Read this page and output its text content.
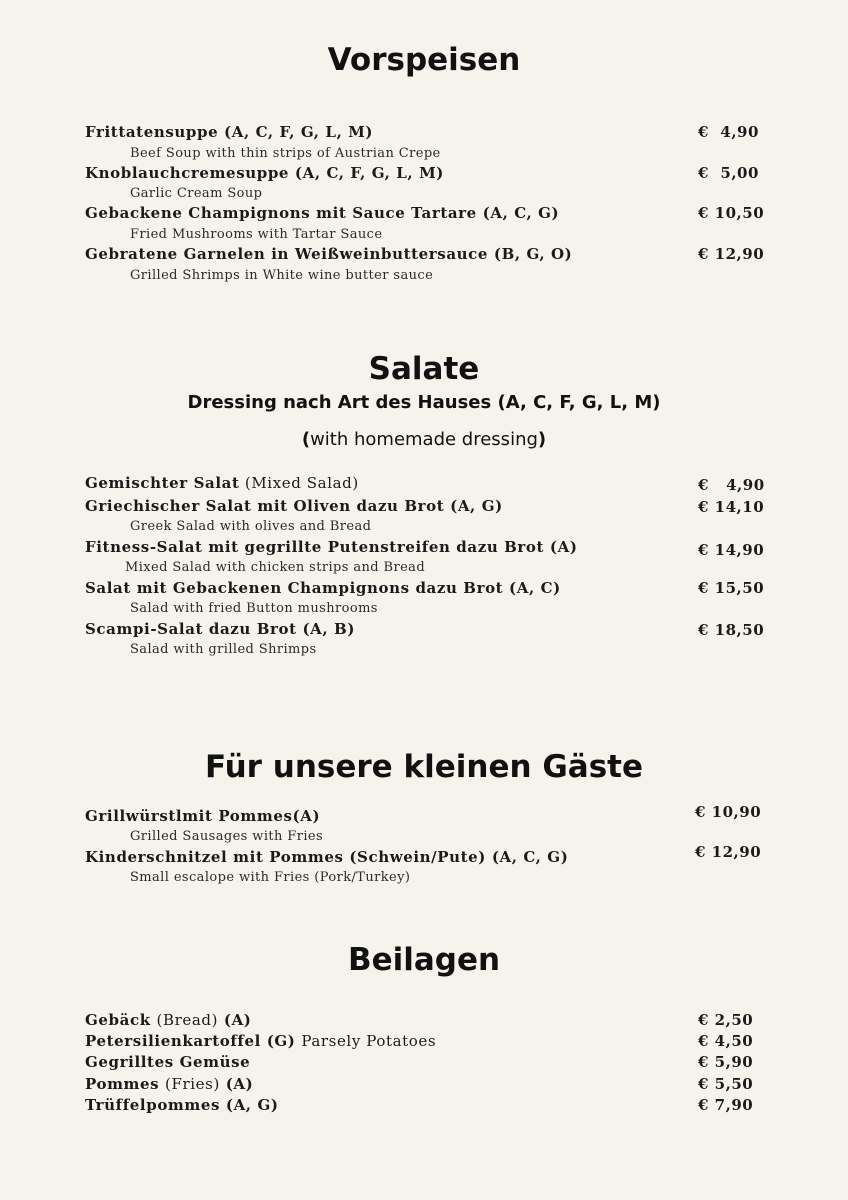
Vorspeisen
Frittatensuppe (A, C, F, G, L, M)	€  4,90
Beef Soup with thin strips of Austrian Crepe
Knoblauchcremesuppe (A, C, F, G, L, M)	€  5,00
Garlic Cream Soup
Gebackene Champignons mit Sauce Tartare (A, C, G)	€ 10,50
Fried Mushrooms with Tartar Sauce
Gebratene Garnelen in Weißweinbuttersauce (B, G, O)	€ 12,90
Grilled Shrimps in White wine butter sauce
Salate
Dressing nach Art des Hauses (A, C, F, G, L, M)
(with homemade dressing)
Gemischter Salat (Mixed Salad)	€   4,90
Griechischer Salat mit Oliven dazu Brot (A, G)	€ 14,10
Greek Salad with olives and Bread
Fitness-Salat mit gegrillte Putenstreifen dazu Brot (A)	€ 14,90
Mixed Salad with chicken strips and Bread
Salat mit Gebackenen Champignons dazu Brot (A, C)	€ 15,50
Salad with fried Button mushrooms
Scampi-Salat dazu Brot (A, B)	€ 18,50
Salad with grilled Shrimps
Für unsere kleinen Gäste
Grillwürstlmit Pommes(A)	€ 10,90
Grilled Sausages with Fries
Kinderschnitzel mit Pommes (Schwein/Pute) (A, C, G)	€ 12,90
Small escalope with Fries (Pork/Turkey)
Beilagen
Gebäck (Bread) (A)	€ 2,50
Petersilienkartoffel (G) Parsely Potatoes	€ 4,50
Gegrilltes Gemüse	€ 5,90
Pommes (Fries) (A)	€ 5,50
Trüffelpommes (A, G)	€ 7,90
